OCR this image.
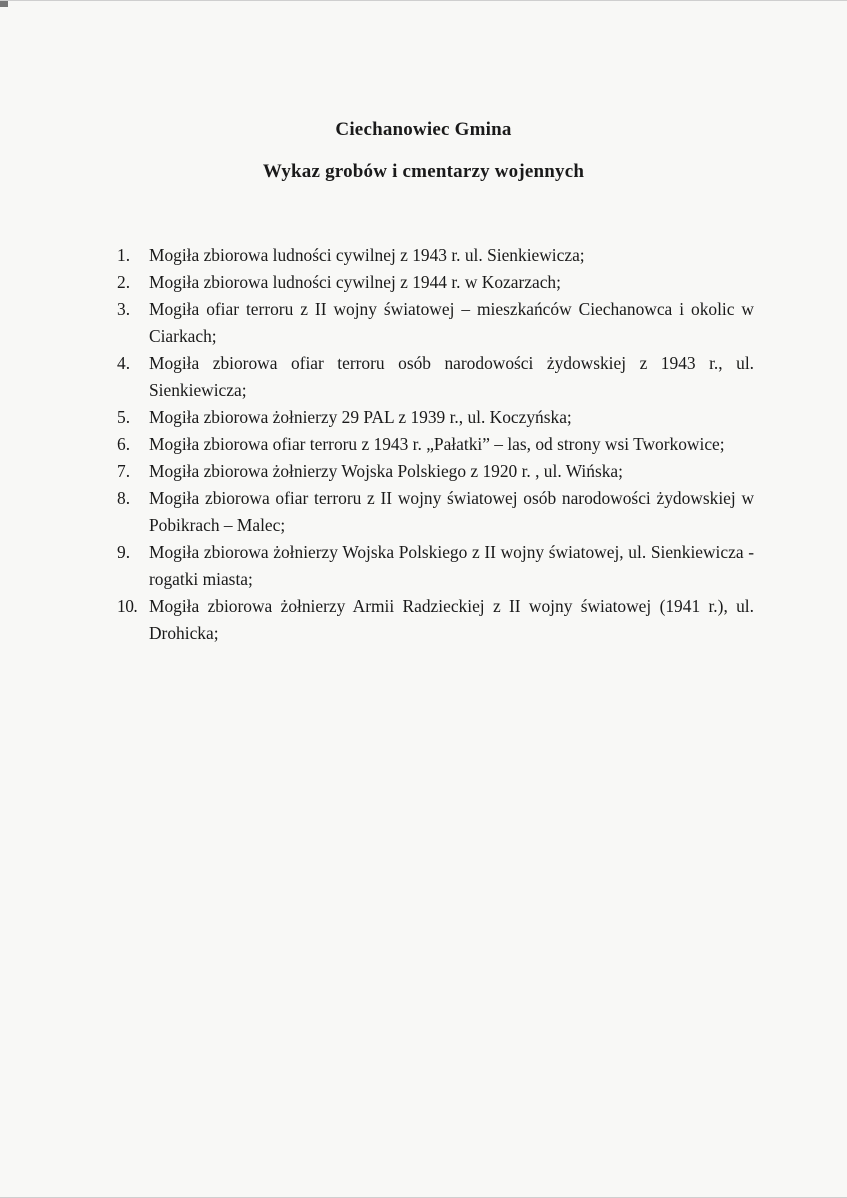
Ciechanowiec Gmina
Wykaz grobów i cmentarzy wojennych
1.	Mogiła zbiorowa ludności cywilnej z 1943 r. ul. Sienkiewicza;
2.	Mogiła zbiorowa ludności cywilnej z 1944 r. w Kozarzach;
3.	Mogiła ofiar terroru z II wojny światowej – mieszkańców Ciechanowca i okolic w Ciarkach;
4.	Mogiła zbiorowa ofiar terroru osób narodowości żydowskiej z 1943 r., ul. Sienkiewicza;
5.	Mogiła zbiorowa żołnierzy 29 PAL z 1939 r., ul. Koczyńska;
6.	Mogiła zbiorowa ofiar terroru z 1943 r. „Pałatki” – las, od strony wsi Tworkowice;
7.	Mogiła zbiorowa żołnierzy Wojska Polskiego z 1920 r. , ul. Wińska;
8.	Mogiła zbiorowa ofiar terroru z II wojny światowej osób narodowości żydowskiej w Pobikrach – Malec;
9.	Mogiła zbiorowa żołnierzy Wojska Polskiego z II wojny światowej, ul. Sienkiewicza - rogatki miasta;
10. Mogiła zbiorowa żołnierzy Armii Radzieckiej z II wojny światowej (1941 r.), ul. Drohicka;
